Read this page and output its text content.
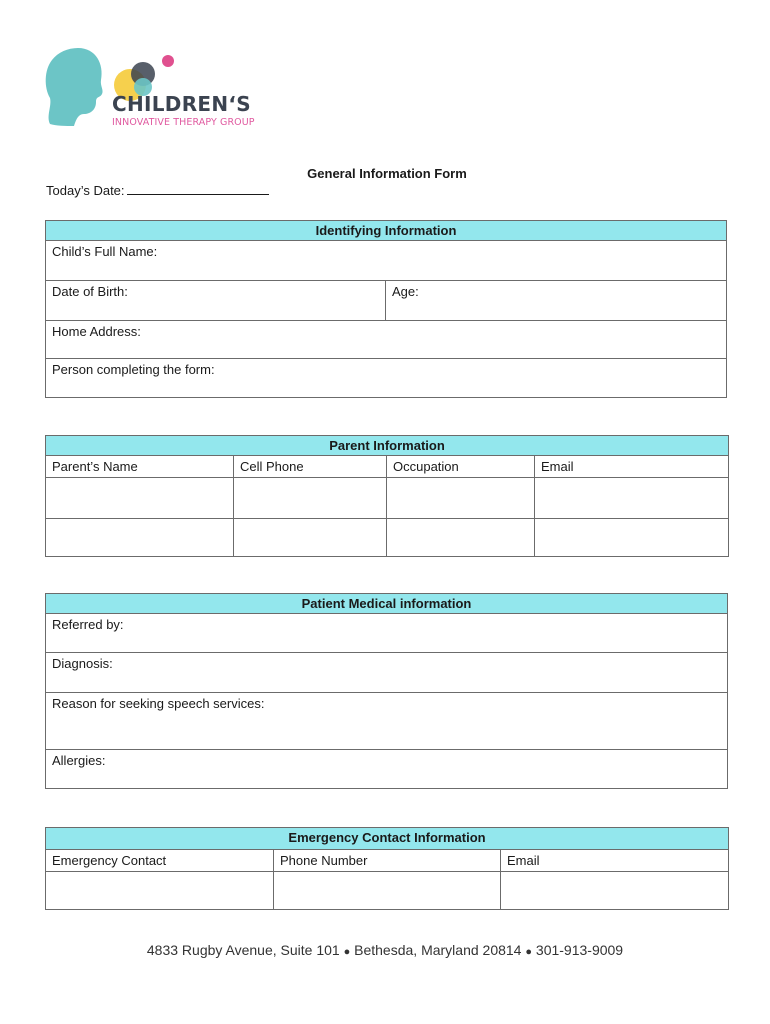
CHILDREN‘S
INNOVATIVE THERAPY GROUP
General Information Form
Today’s Date:
Identifying Information
Child’s Full Name:
Date of Birth:	Age:
Home Address:
Person completing the form:
Parent Information			
Parent’s Name	Cell Phone	Occupation	Email

Patient Medical information
Referred by:
Diagnosis:
Reason for seeking speech services:
Allergies:
Emergency Contact Information		
Emergency Contact	Phone Number	Email

4833 Rugby Avenue, Suite 101 ● Bethesda, Maryland 20814 ● 301-913-9009
